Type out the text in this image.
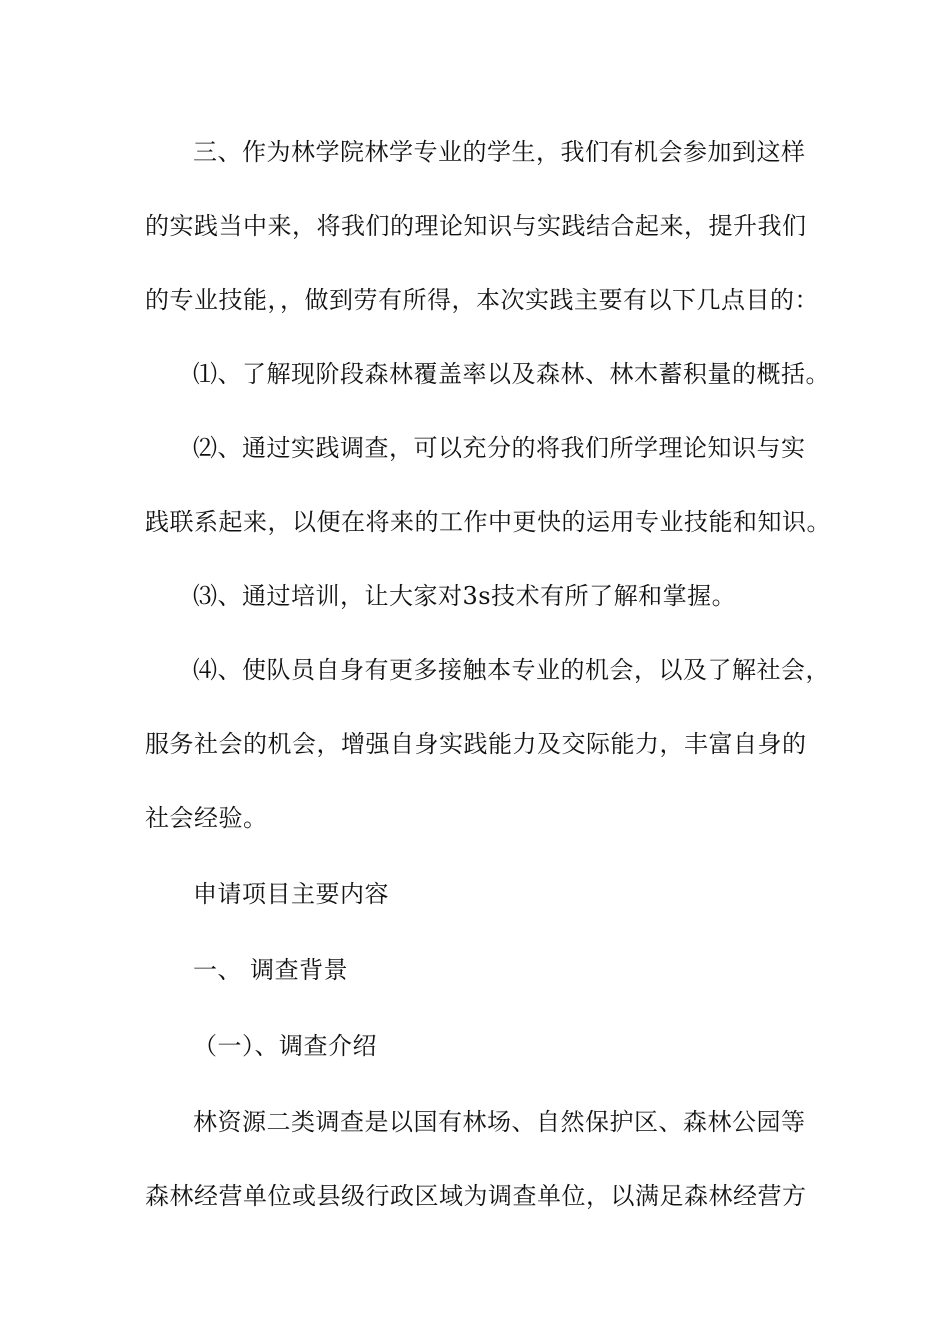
三、作为林学院林学专业的学生，我们有机会参加到这样
的实践当中来，将我们的理论知识与实践结合起来，提升我们
的专业技能，，做到劳有所得，本次实践主要有以下几点目的：
⑴、了解现阶段森林覆盖率以及森林、林木蓄积量的概括。
⑵、通过实践调查，可以充分的将我们所学理论知识与实
践联系起来，以便在将来的工作中更快的运用专业技能和知识。
⑶、通过培训，让大家对3s技术有所了解和掌握。
⑷、使队员自身有更多接触本专业的机会，以及了解社会，
服务社会的机会，增强自身实践能力及交际能力，丰富自身的
社会经验。
申请项目主要内容
一、 调查背景
（一）、调查介绍
林资源二类调查是以国有林场、自然保护区、森林公园等
森林经营单位或县级行政区域为调查单位，以满足森林经营方
